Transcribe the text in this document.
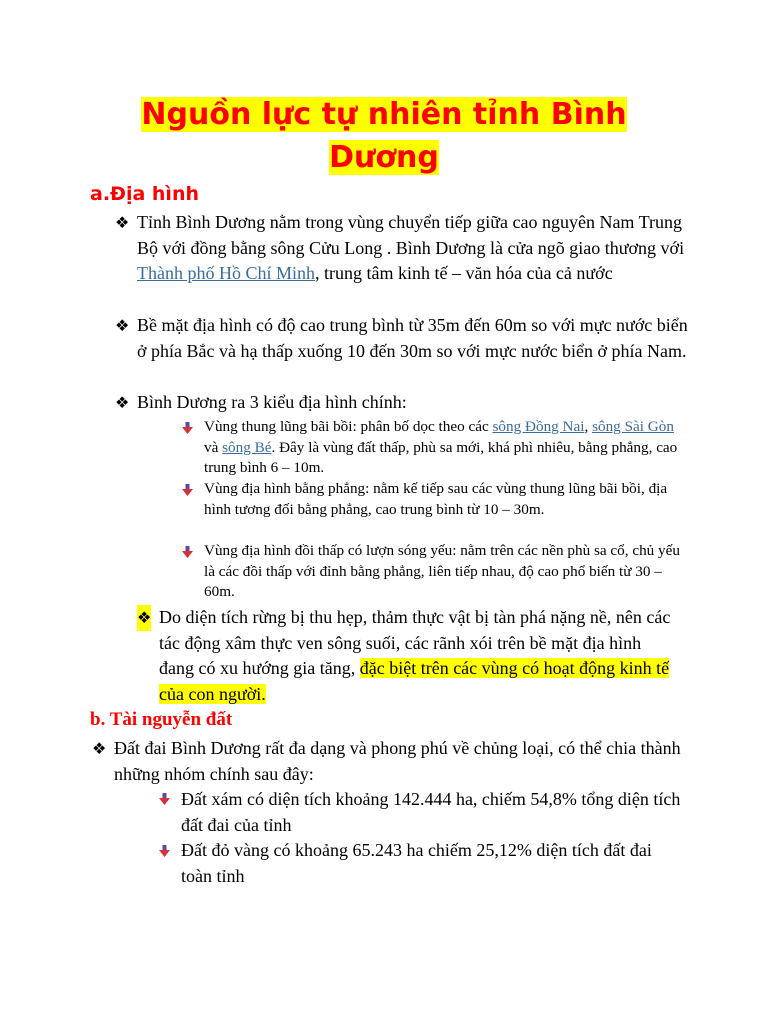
Nguồn lực tự nhiên tỉnh Bình
Dương
a.Địa hình
❖ Tỉnh Bình Dương nằm trong vùng chuyển tiếp giữa cao nguyên Nam Trung Bộ với đồng bằng sông Cửu Long . Bình Dương là cửa ngõ giao thương với Thành phố Hồ Chí Minh, trung tâm kinh tế – văn hóa của cả nước
❖ Bề mặt địa hình có độ cao trung bình từ 35m đến 60m so với mực nước biển ở phía Bắc và hạ thấp xuống 10 đến 30m so với mực nước biển ở phía Nam.
❖ Bình Dương ra 3 kiểu địa hình chính:
Vùng thung lũng bãi bồi: phân bố dọc theo các sông Đồng Nai, sông Sài Gòn và sông Bé. Đây là vùng đất thấp, phù sa mới, khá phì nhiêu, bằng phẳng, cao trung bình 6 – 10m.
Vùng địa hình bằng phẳng: nằm kế tiếp sau các vùng thung lũng bãi bồi, địa hình tương đối bằng phẳng, cao trung bình từ 10 – 30m.
Vùng địa hình đồi thấp có lượn sóng yếu: nằm trên các nền phù sa cổ, chủ yếu là các đồi thấp với đỉnh bằng phẳng, liên tiếp nhau, độ cao phổ biến từ 30 – 60m.
❖ Do diện tích rừng bị thu hẹp, thảm thực vật bị tàn phá nặng nề, nên các tác động xâm thực ven sông suối, các rãnh xói trên bề mặt địa hình đang có xu hướng gia tăng, đặc biệt trên các vùng có hoạt động kinh tế của con người.
b. Tài nguyễn đất
❖ Đất đai Bình Dương rất đa dạng và phong phú về chủng loại, có thể chia thành những nhóm chính sau đây:
Đất xám có diện tích khoảng 142.444 ha, chiếm 54,8% tổng diện tích đất đai của tỉnh
Đất đỏ vàng có khoảng 65.243 ha chiếm 25,12% diện tích đất đai toàn tỉnh
